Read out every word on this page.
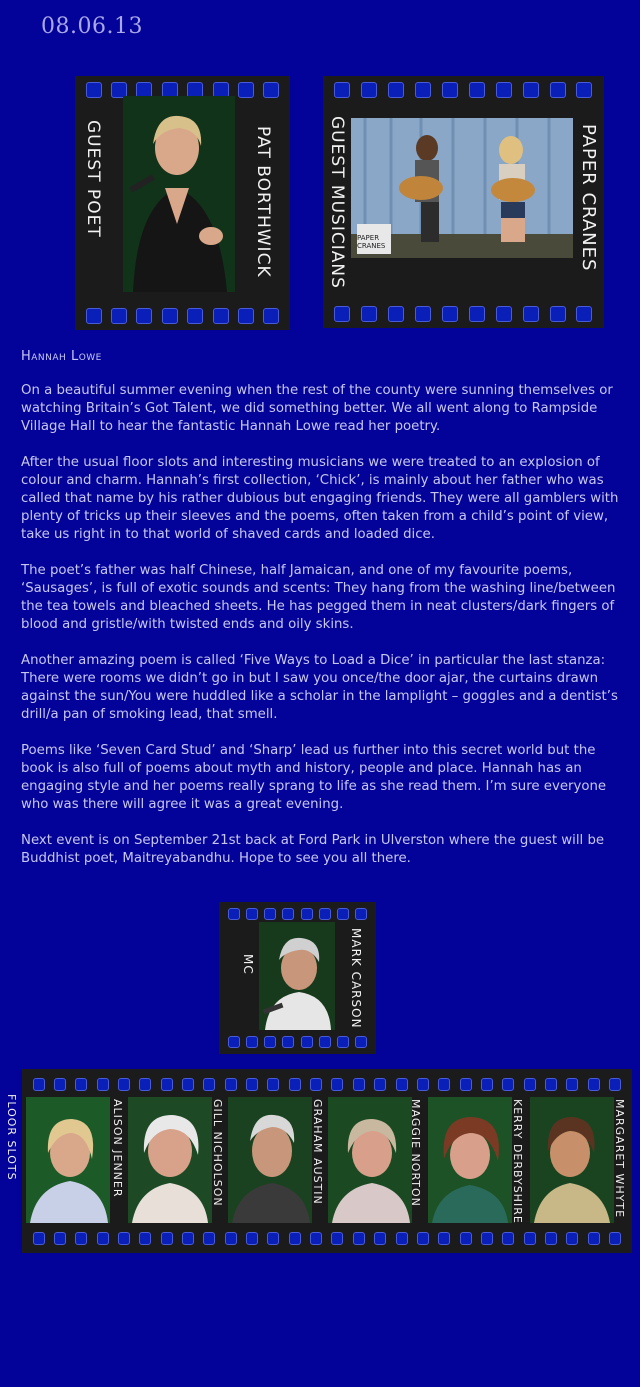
08.06.13
GUEST POET	PAT BORTHWICK	PAPER CRANES
GUEST MUSICIANS	PAPER CRANES
Hannah Lowe

On a beautiful summer evening when the rest of the county were sunning themselves or watching Britain’s Got Talent, we did something better. We all went along to Rampside Village Hall to hear the fantastic Hannah Lowe read her poetry.

After the usual floor slots and interesting musicians we were treated to an explosion of colour and charm. Hannah’s first collection, ‘Chick’, is mainly about her father who was called that name by his rather dubious but engaging friends. They were all gamblers with plenty of tricks up their sleeves and the poems, often taken from a child’s point of view, take us right in to that world of shaved cards and loaded dice.

The poet’s father was half Chinese, half Jamaican, and one of my favourite poems, ‘Sausages’, is full of exotic sounds and scents: They hang from the washing line/between the tea towels and bleached sheets. He has pegged them in neat clusters/dark fingers of blood and gristle/with twisted ends and oily skins.

Another amazing poem is called ‘Five Ways to Load a Dice’ in particular the last stanza: There were rooms we didn’t go in but I saw you once/the door ajar, the curtains drawn against the sun/You were huddled like a scholar in the lamplight – goggles and a dentist’s drill/a pan of smoking lead, that smell.

Poems like ‘Seven Card Stud’ and ‘Sharp’ lead us further into this secret world but the book is also full of poems about myth and history, people and place. Hannah has an engaging style and her poems really sprang to life as she read them. I’m sure everyone who was there will agree it was a great evening.

Next event is on September 21st back at Ford Park in Ulverston where the guest will be Buddhist poet, Maitreyabandhu. Hope to see you all there.

MC	MARK CARSON
FLOOR SLOTS	ALISON JENNER	GILL NICHOLSON	GRAHAM AUSTIN	MAGGIE NORTON	KERRY DERBYSHIRE	MARGARET WHYTE
